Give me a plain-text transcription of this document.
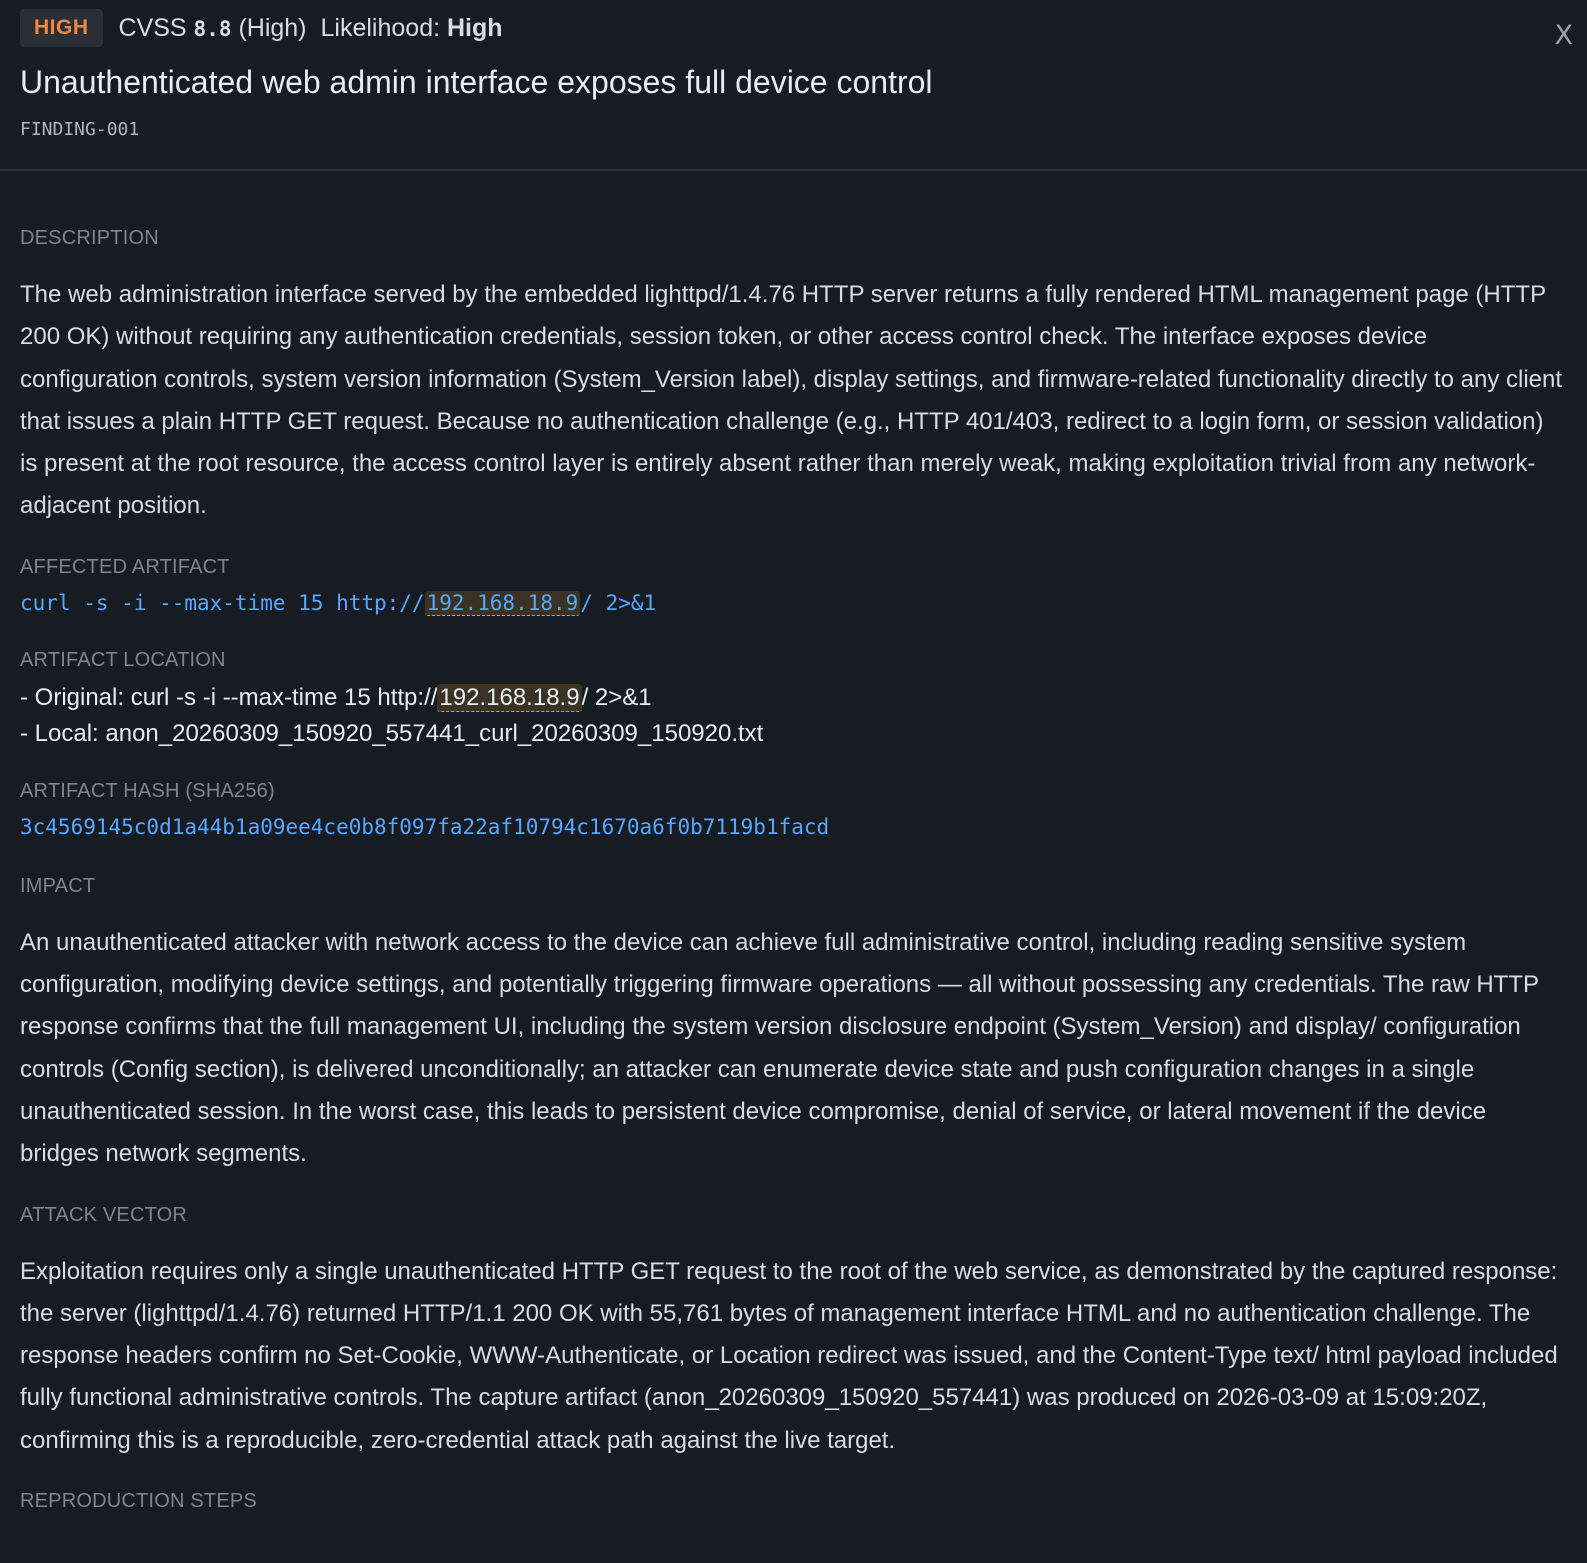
HIGH	CVSS 8.8 (High) Likelihood: High	X
Unauthenticated web admin interface exposes full device control
FINDING-001
DESCRIPTION
The web administration interface served by the embedded lighttpd/1.4.76 HTTP server returns a fully rendered HTML management page (HTTP 200 OK) without requiring any authentication credentials, session token, or other access control check. The interface exposes device configuration controls, system version information (System_Version label), display settings, and firmware-related functionality directly to any client that issues a plain HTTP GET request. Because no authentication challenge (e.g., HTTP 401/403, redirect to a login form, or session validation) is present at the root resource, the access control layer is entirely absent rather than merely weak, making exploitation trivial from any network-adjacent position.
AFFECTED ARTIFACT
curl -s -i --max-time 15 http://192.168.18.9/ 2>&1
ARTIFACT LOCATION
- Original: curl -s -i --max-time 15 http://192.168.18.9/ 2>&1
- Local: anon_20260309_150920_557441_curl_20260309_150920.txt
ARTIFACT HASH (SHA256)
3c4569145c0d1a44b1a09ee4ce0b8f097fa22af10794c1670a6f0b7119b1facd
IMPACT
An unauthenticated attacker with network access to the device can achieve full administrative control, including reading sensitive system configuration, modifying device settings, and potentially triggering firmware operations — all without possessing any credentials. The raw HTTP response confirms that the full management UI, including the system version disclosure endpoint (System_Version) and display/ configuration controls (Config section), is delivered unconditionally; an attacker can enumerate device state and push configuration changes in a single unauthenticated session. In the worst case, this leads to persistent device compromise, denial of service, or lateral movement if the device bridges network segments.
ATTACK VECTOR
Exploitation requires only a single unauthenticated HTTP GET request to the root of the web service, as demonstrated by the captured response: the server (lighttpd/1.4.76) returned HTTP/1.1 200 OK with 55,761 bytes of management interface HTML and no authentication challenge. The response headers confirm no Set-Cookie, WWW-Authenticate, or Location redirect was issued, and the Content-Type text/ html payload included fully functional administrative controls. The capture artifact (anon_20260309_150920_557441) was produced on 2026-03-09 at 15:09:20Z, confirming this is a reproducible, zero-credential attack path against the live target.
REPRODUCTION STEPS
